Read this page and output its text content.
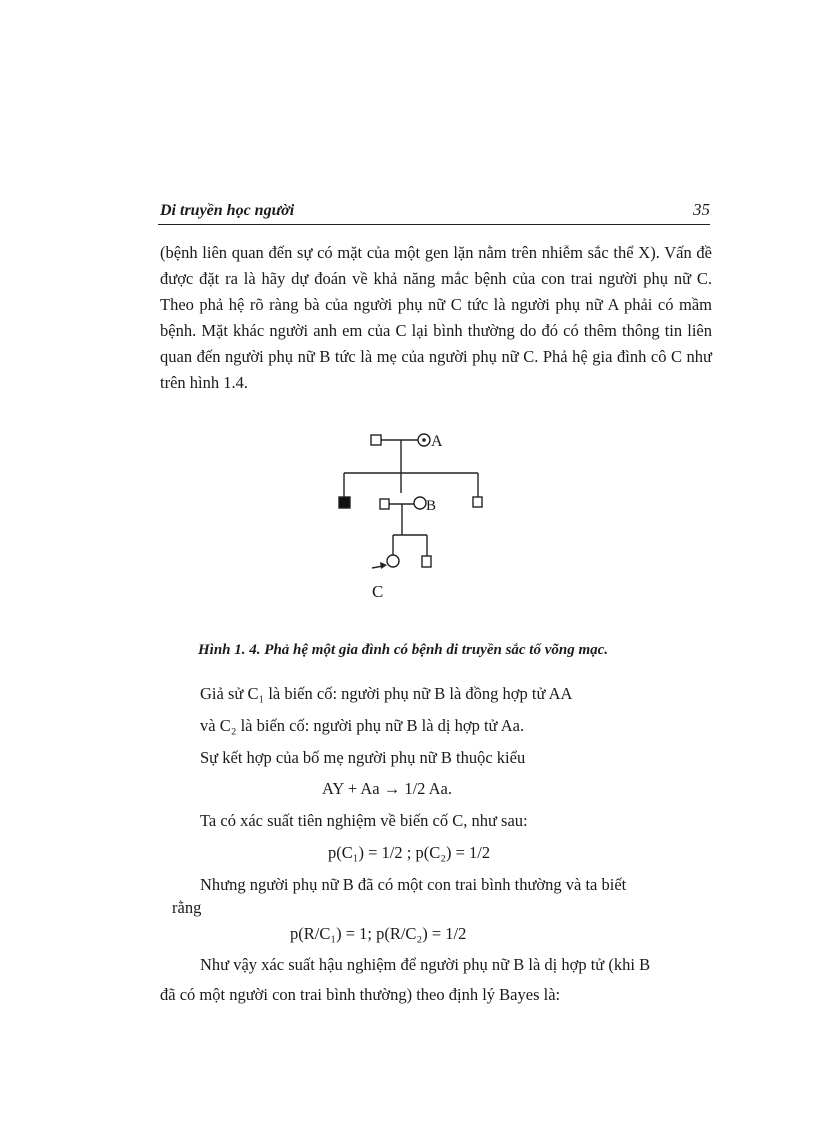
Di truyền học người	35
(bệnh liên quan đến sự có mặt của một gen lặn nằm trên nhiễm sắc thể X). Vấn đề được đặt ra là hãy dự đoán về khả năng mắc bệnh của con trai người phụ nữ C. Theo phả hệ rõ ràng bà của người phụ nữ C tức là người phụ nữ A phải có mầm bệnh. Mặt khác người anh em của C lại bình thường do đó có thêm thông tin liên quan đến người phụ nữ B tức là mẹ của người phụ nữ C. Phả hệ gia đình cô C như trên hình 1.4.
A
B
C
Hình 1. 4. Phả hệ một gia đình có bệnh di truyền sắc tố võng mạc.
Giả sử C₁ là biến cố: người phụ nữ B là đồng hợp tử AA
và C₂ là biến cố: người phụ nữ B là dị hợp tử Aa.
Sự kết hợp của bố mẹ người phụ nữ B thuộc kiểu
AY + Aa → 1/2 Aa.
Ta có xác suất tiên nghiệm về biến cố C, như sau:
p(C₁) = 1/2 ; p(C₂) = 1/2
Nhưng người phụ nữ B đã có một con trai bình thường và ta biết
rằng
p(R/C₁) = 1; p(R/C₂) = 1/2
Như vậy xác suất hậu nghiệm để người phụ nữ B là dị hợp tử (khi B
đã có một người con trai bình thường) theo định lý Bayes là:
